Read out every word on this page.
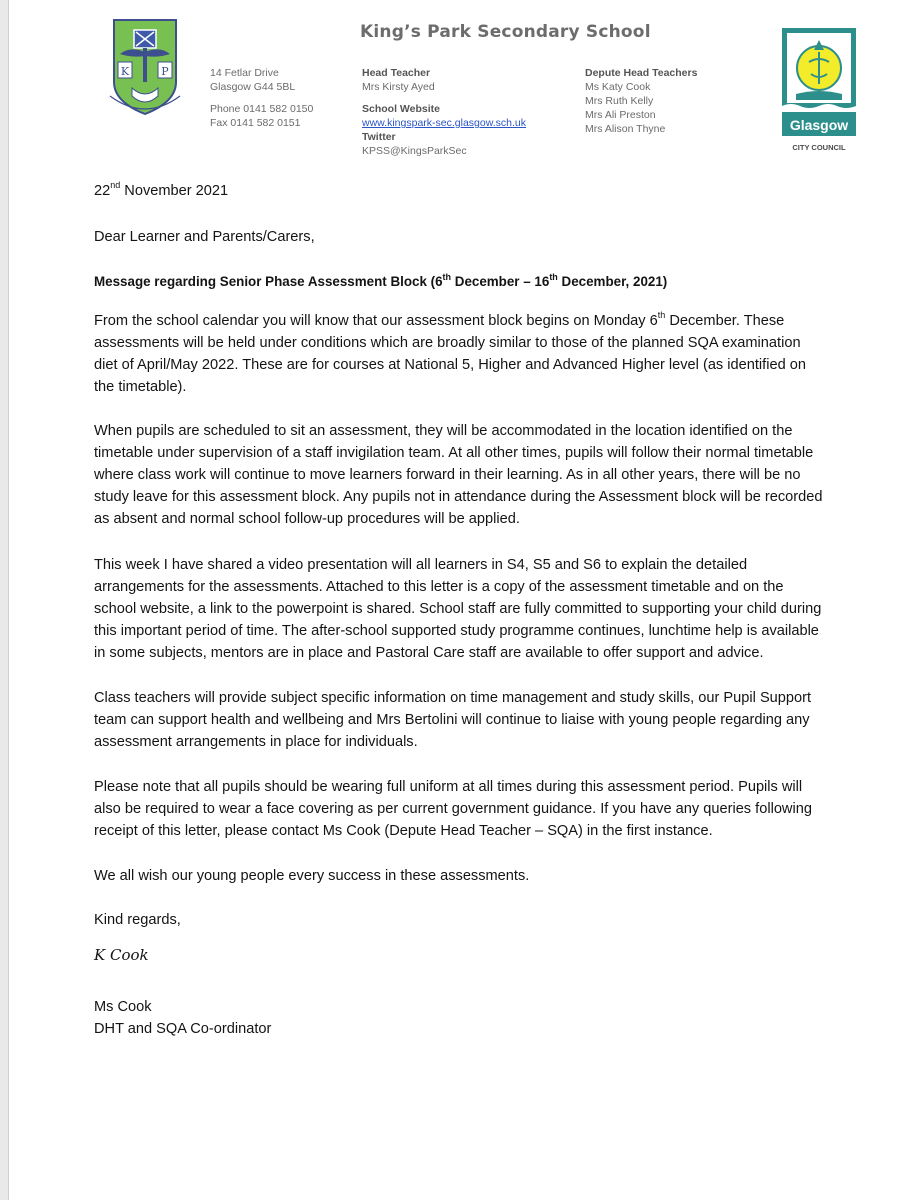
K	P
King’s Park Secondary School
14 Fetlar Drive
Glasgow G44 5BL
Phone 0141 582 0150
Fax 0141 582 0151
Head Teacher
Mrs Kirsty Ayed
School Website
www.kingspark-sec.glasgow.sch.uk
Twitter
KPSS@KingsParkSec
Depute Head Teachers
Ms Katy Cook
Mrs Ruth Kelly
Mrs Ali Preston
Mrs Alison Thyne	Glasgow
CITY COUNCIL
22nd November 2021
Dear Learner and Parents/Carers,
Message regarding Senior Phase Assessment Block (6th December – 16th December, 2021)
From the school calendar you will know that our assessment block begins on Monday 6th December. These assessments will be held under conditions which are broadly similar to those of the planned SQA examination diet of April/May 2022. These are for courses at National 5, Higher and Advanced Higher level (as identified on the timetable).
When pupils are scheduled to sit an assessment, they will be accommodated in the location identified on the timetable under supervision of a staff invigilation team. At all other times, pupils will follow their normal timetable where class work will continue to move learners forward in their learning. As in all other years, there will be no study leave for this assessment block. Any pupils not in attendance during the Assessment block will be recorded as absent and normal school follow-up procedures will be applied.
This week I have shared a video presentation will all learners in S4, S5 and S6 to explain the detailed arrangements for the assessments. Attached to this letter is a copy of the assessment timetable and on the school website, a link to the powerpoint is shared. School staff are fully committed to supporting your child during this important period of time. The after-school supported study programme continues, lunchtime help is available in some subjects, mentors are in place and Pastoral Care staff are available to offer support and advice.
Class teachers will provide subject specific information on time management and study skills, our Pupil Support team can support health and wellbeing and Mrs Bertolini will continue to liaise with young people regarding any assessment arrangements in place for individuals.
Please note that all pupils should be wearing full uniform at all times during this assessment period. Pupils will also be required to wear a face covering as per current government guidance. If you have any queries following receipt of this letter, please contact Ms Cook (Depute Head Teacher – SQA) in the first instance.
We all wish our young people every success in these assessments.
Kind regards,
K Cook
Ms Cook
DHT and SQA Co-ordinator
